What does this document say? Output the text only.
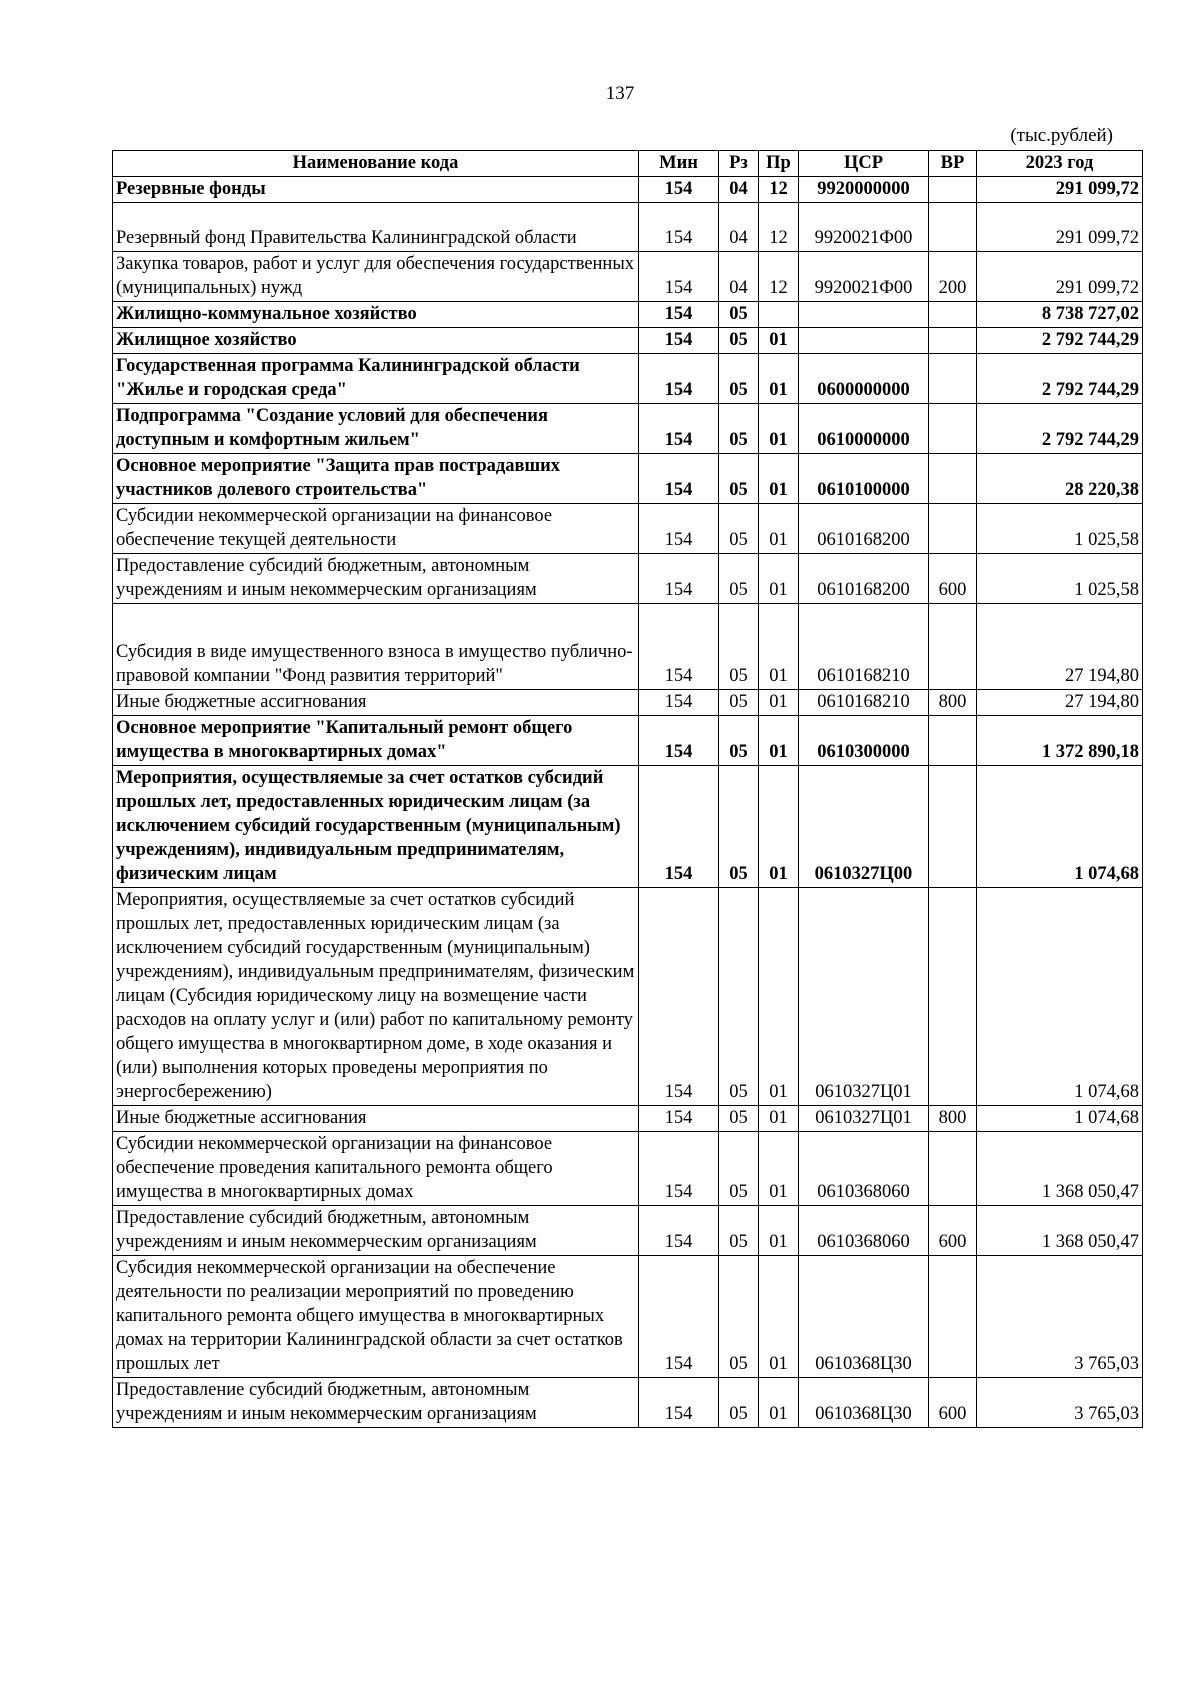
137
(тыс.рублей)
Наименование кода	Мин	Рз	Пр	ЦСР	ВР	2023 год
Резервные фонды	154	04	12	9920000000		291 099,72
Резервный фонд Правительства Калининградской области	154	04	12	9920021Ф00		291 099,72
Закупка товаров, работ и услуг для обеспечения государственных (муниципальных) нужд	154	04	12	9920021Ф00	200	291 099,72
Жилищно-коммунальное хозяйство	154	05				8 738 727,02
Жилищное хозяйство	154	05	01			2 792 744,29
Государственная программа Калининградской области "Жилье и городская среда"	154	05	01	0600000000		2 792 744,29
Подпрограмма "Создание условий для обеспечения доступным и комфортным жильем"	154	05	01	0610000000		2 792 744,29
Основное мероприятие "Защита прав пострадавших участников долевого строительства"	154	05	01	0610100000		28 220,38
Субсидии некоммерческой организации на финансовое обеспечение текущей деятельности	154	05	01	0610168200		1 025,58
Предоставление субсидий бюджетным, автономным учреждениям и иным некоммерческим организациям	154	05	01	0610168200	600	1 025,58
Субсидия в виде имущественного взноса в имущество публично-правовой компании "Фонд развития территорий"	154	05	01	0610168210		27 194,80
Иные бюджетные ассигнования	154	05	01	0610168210	800	27 194,80
Основное мероприятие "Капитальный ремонт общего имущества в многоквартирных домах"	154	05	01	0610300000		1 372 890,18
Мероприятия, осуществляемые за счет остатков субсидий прошлых лет, предоставленных юридическим лицам (за исключением субсидий государственным (муниципальным) учреждениям), индивидуальным предпринимателям, физическим лицам	154	05	01	0610327Ц00		1 074,68
Мероприятия, осуществляемые за счет остатков субсидий прошлых лет, предоставленных юридическим лицам (за исключением субсидий государственным (муниципальным) учреждениям), индивидуальным предпринимателям, физическим лицам (Субсидия юридическому лицу на возмещение части расходов на оплату услуг и (или) работ по капитальному ремонту общего имущества в многоквартирном доме, в ходе оказания и (или) выполнения которых проведены мероприятия по энергосбережению)	154	05	01	0610327Ц01		1 074,68
Иные бюджетные ассигнования	154	05	01	0610327Ц01	800	1 074,68
Субсидии некоммерческой организации на финансовое обеспечение проведения капитального ремонта общего имущества в многоквартирных домах	154	05	01	0610368060		1 368 050,47
Предоставление субсидий бюджетным, автономным учреждениям и иным некоммерческим организациям	154	05	01	0610368060	600	1 368 050,47
Субсидия некоммерческой организации на обеспечение деятельности по реализации мероприятий по проведению капитального ремонта общего имущества в многоквартирных домах на территории Калининградской области за счет остатков прошлых лет	154	05	01	0610368Ц30		3 765,03
Предоставление субсидий бюджетным, автономным учреждениям и иным некоммерческим организациям	154	05	01	0610368Ц30	600	3 765,03
